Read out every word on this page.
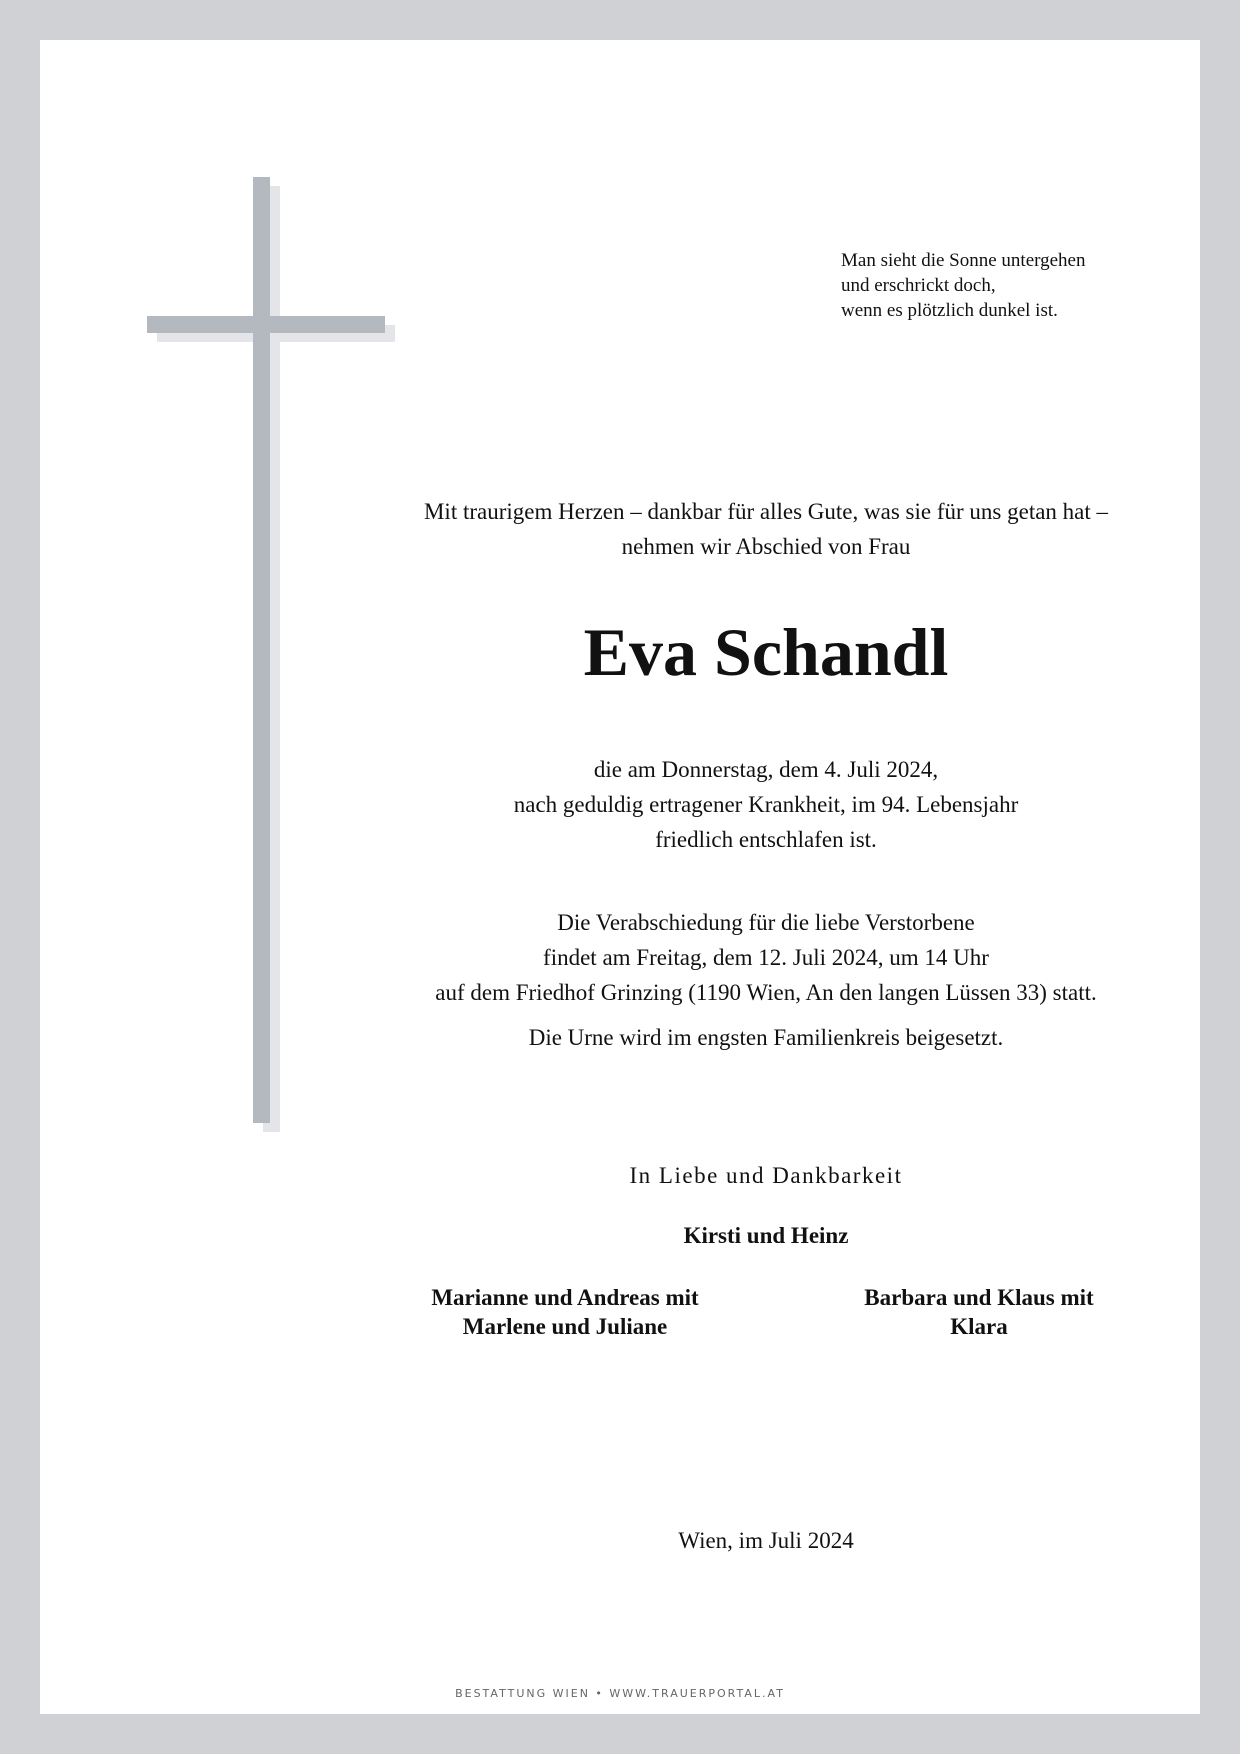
Man sieht die Sonne untergehen
und erschrickt doch,
wenn es plötzlich dunkel ist.
Mit traurigem Herzen – dankbar für alles Gute, was sie für uns getan hat –
nehmen wir Abschied von Frau
Eva Schandl
die am Donnerstag, dem 4. Juli 2024,
nach geduldig ertragener Krankheit, im 94. Lebensjahr
friedlich entschlafen ist.
Die Verabschiedung für die liebe Verstorbene
findet am Freitag, dem 12. Juli 2024, um 14 Uhr
auf dem Friedhof Grinzing (1190 Wien, An den langen Lüssen 33) statt.
Die Urne wird im engsten Familienkreis beigesetzt.
In Liebe und Dankbarkeit
Kirsti und Heinz
Marianne und Andreas mit
Marlene und Juliane
Barbara und Klaus mit
Klara
Wien, im Juli 2024
BESTATTUNG WIEN • WWW.TRAUERPORTAL.AT
